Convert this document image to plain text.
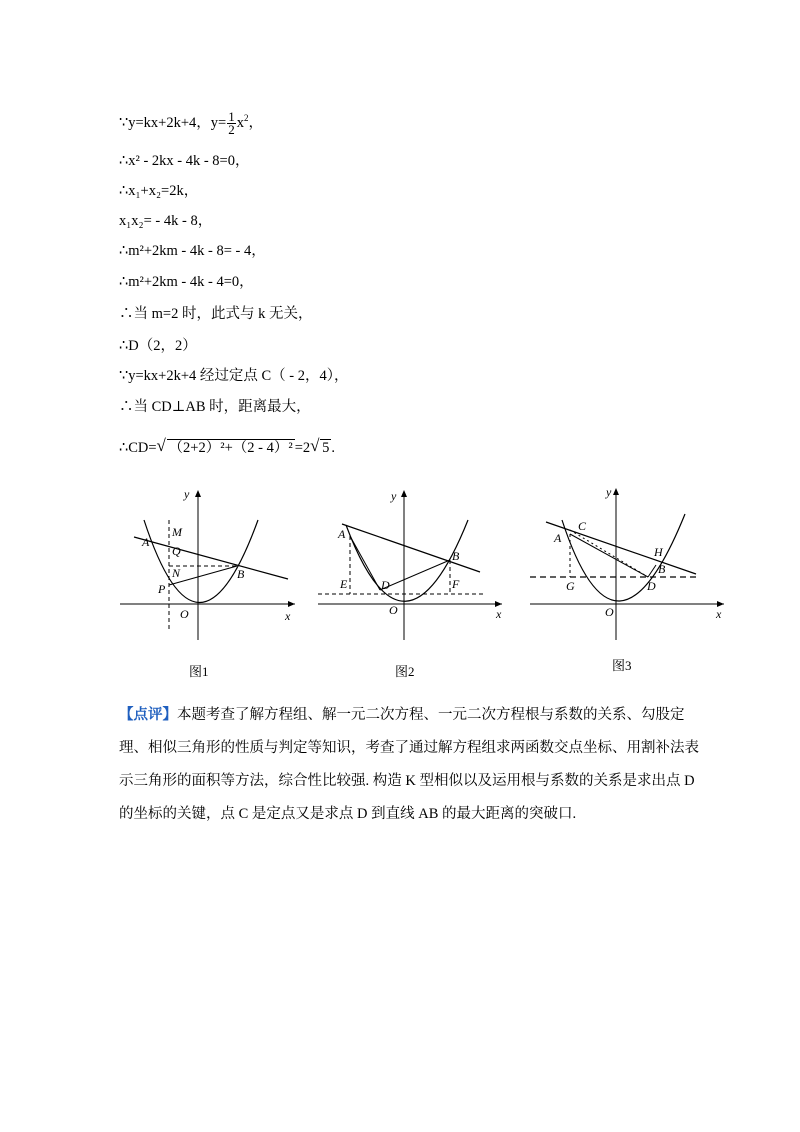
∵y=kx+2k+4，$y= \frac{1}{2} x^2$，
∴x² - 2kx - 4k - 8=0，
∴x₁+x₂=2k，
x₁x₂= - 4k - 8，
∴m²+2km - 4k - 8= - 4，
∴m²+2km - 4k - 4=0，
∴当 m=2 时，此式与 k 无关，
∴D（2，2）
∵y=kx+2k+4 经过定点 C（ - 2，4），
∴当 CD⊥AB 时，距离最大，
∴CD= √ （2+2）²+（2 - 4）² =2 √ 5 .
M
Q
N
P
A
B
O
y
x
图1
A
B
D
E	F
O
y
x
图2
C
A
H
B
G	D
O
y
x
图3
【点评】本题考查了解方程组、解一元二次方程、一元二次方程根与系数的关系、勾股定理、相似三角形的性质与判定等知识，考查了通过解方程组求两函数交点坐标、用割补法表示三角形的面积等方法，综合性比较强. 构造 K 型相似以及运用根与系数的关系是求出点 D 的坐标的关键，点 C 是定点又是求点 D 到直线 AB 的最大距离的突破口.
